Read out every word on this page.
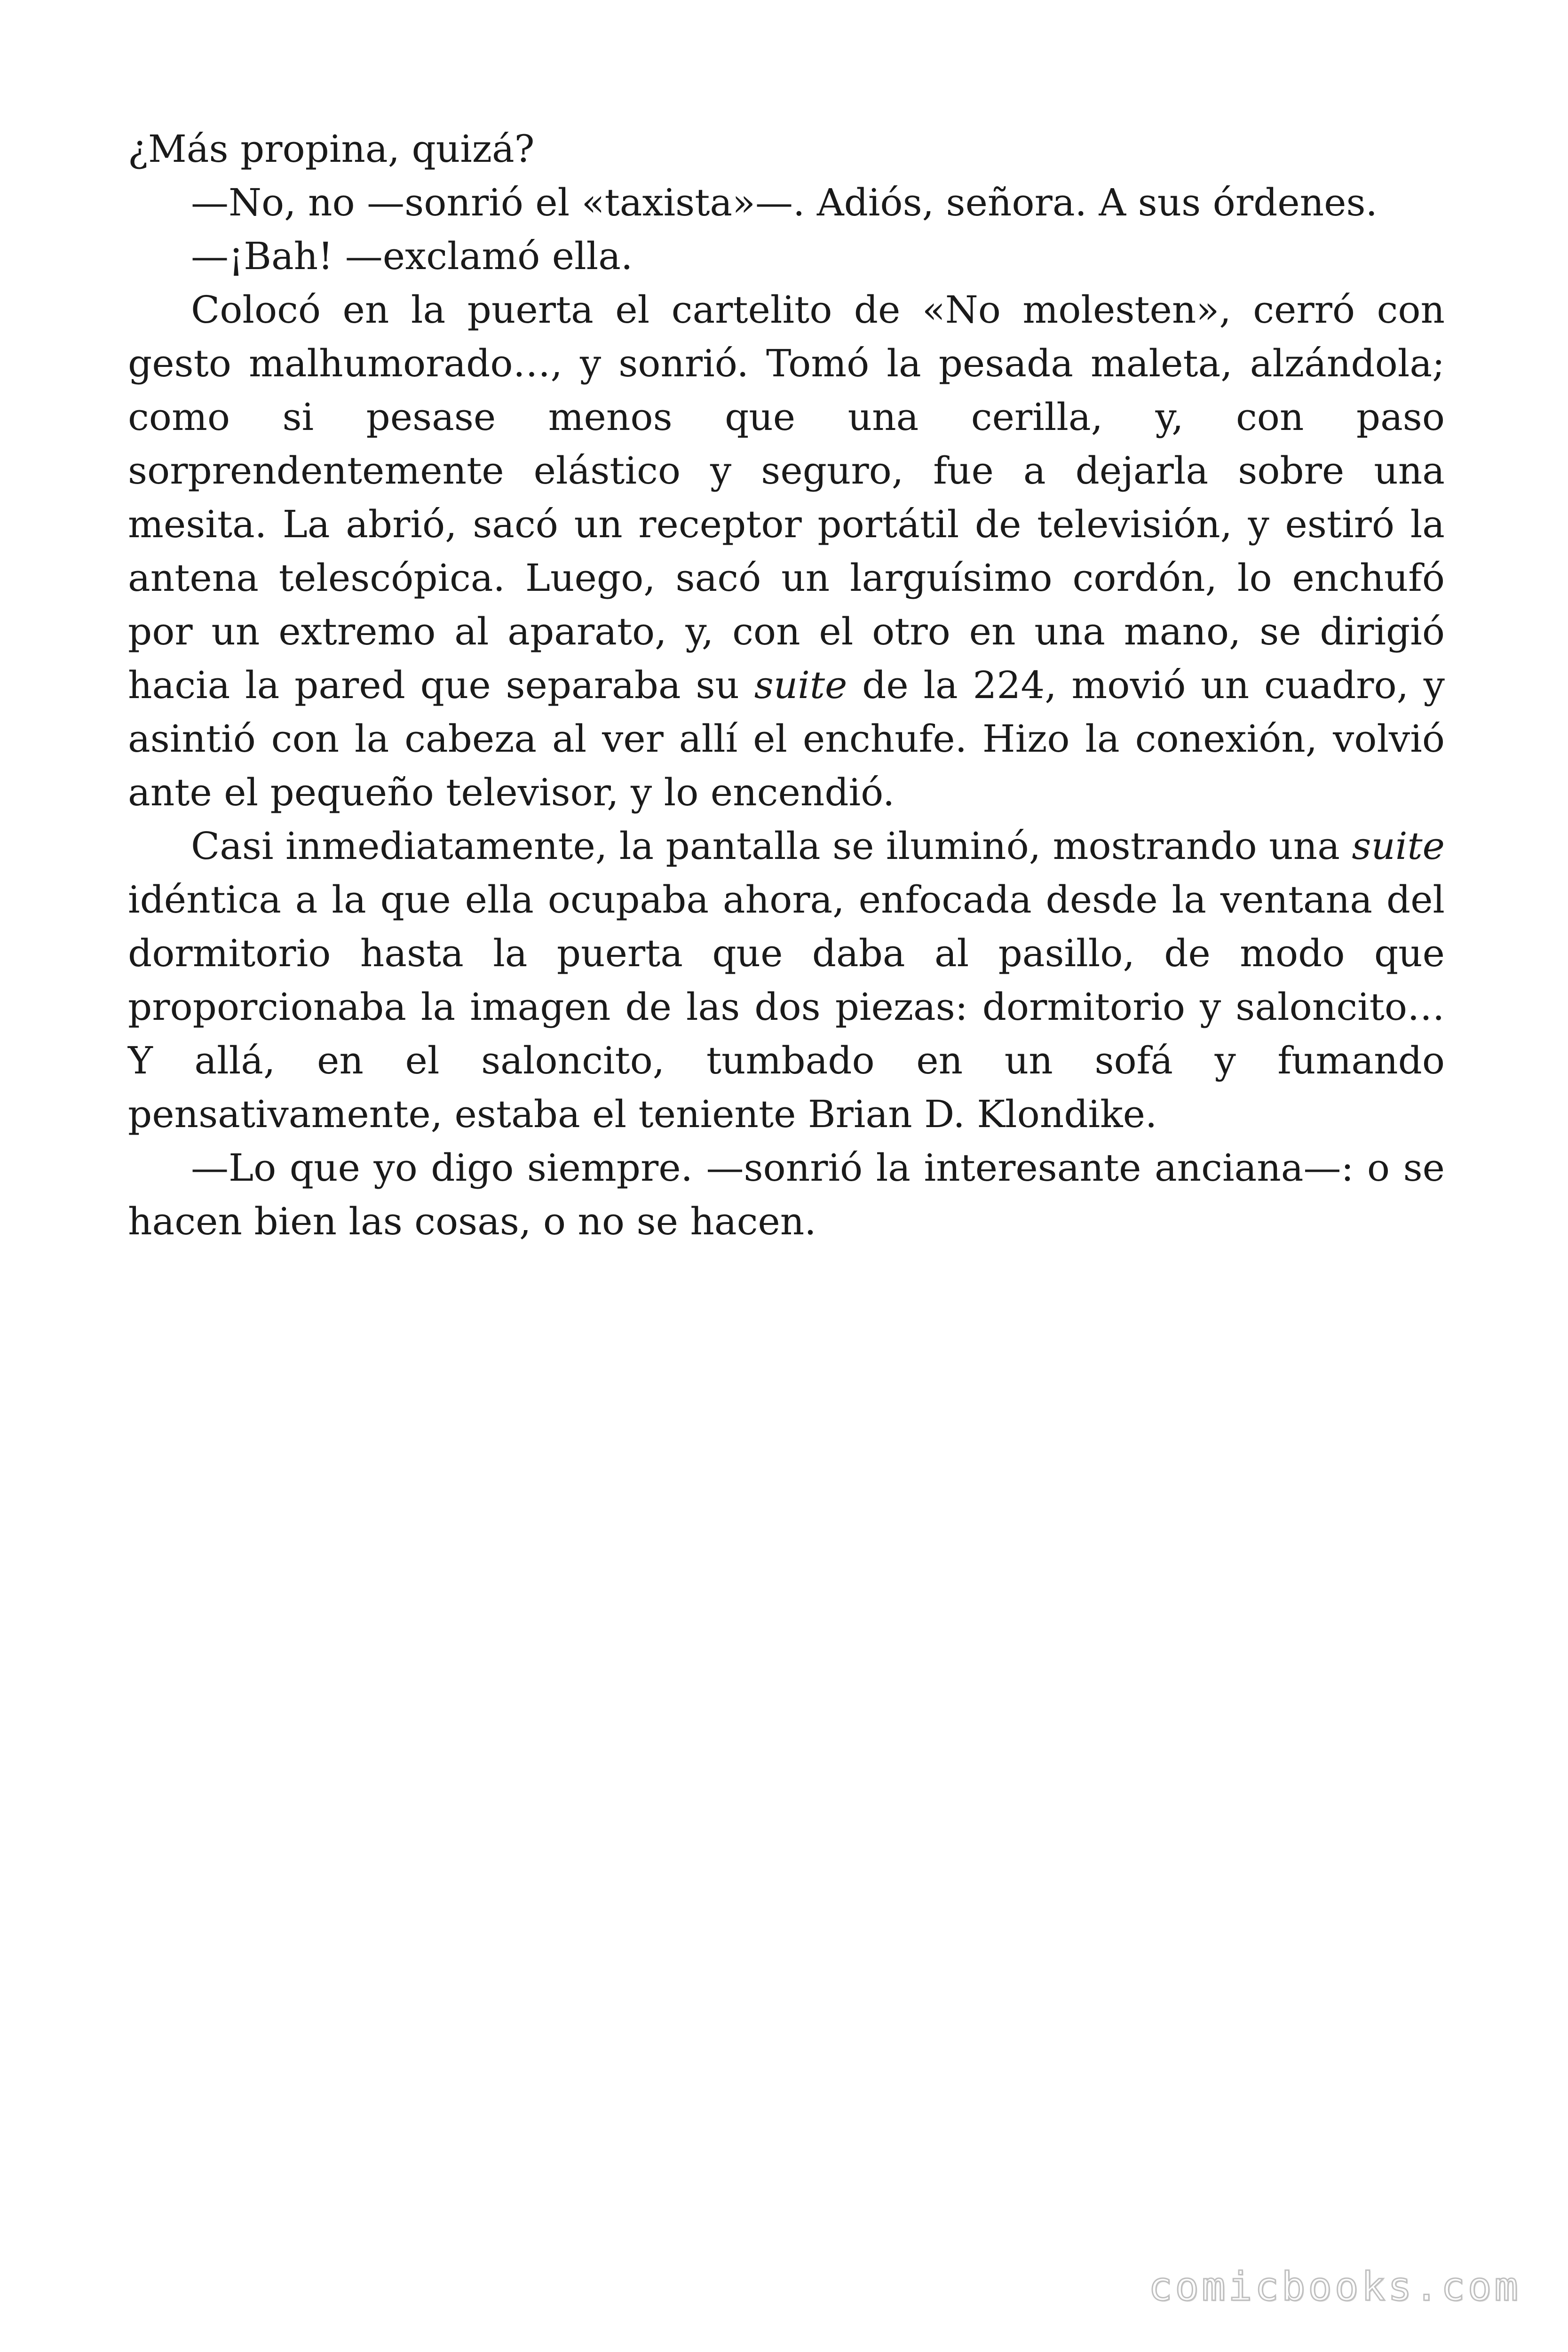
¿Más propina, quizá?

—No, no —sonrió el «taxista»—. Adiós, señora. A sus órdenes.

—¡Bah! —exclamó ella.

Colocó en la puerta el cartelito de «No molesten», cerró con gesto malhumorado…, y sonrió. Tomó la pesada maleta, alzándola; como si pesase menos que una cerilla, y, con paso sorprendentemente elástico y seguro, fue a dejarla sobre una mesita. La abrió, sacó un receptor portátil de televisión, y estiró la antena telescópica. Luego, sacó un larguísimo cordón, lo enchufó por un extremo al aparato, y, con el otro en una mano, se dirigió hacia la pared que separaba su suite de la 224, movió un cuadro, y asintió con la cabeza al ver allí el enchufe. Hizo la conexión, volvió ante el pequeño televisor, y lo encendió.

Casi inmediatamente, la pantalla se iluminó, mostrando una suite idéntica a la que ella ocupaba ahora, enfocada desde la ventana del dormitorio hasta la puerta que daba al pasillo, de modo que proporcionaba la imagen de las dos piezas: dormitorio y saloncito… Y allá, en el saloncito, tumbado en un sofá y fumando pensativamente, estaba el teniente Brian D. Klondike.

—Lo que yo digo siempre. —sonrió la interesante anciana—: o se hacen bien las cosas, o no se hacen.

comicbooks.com
